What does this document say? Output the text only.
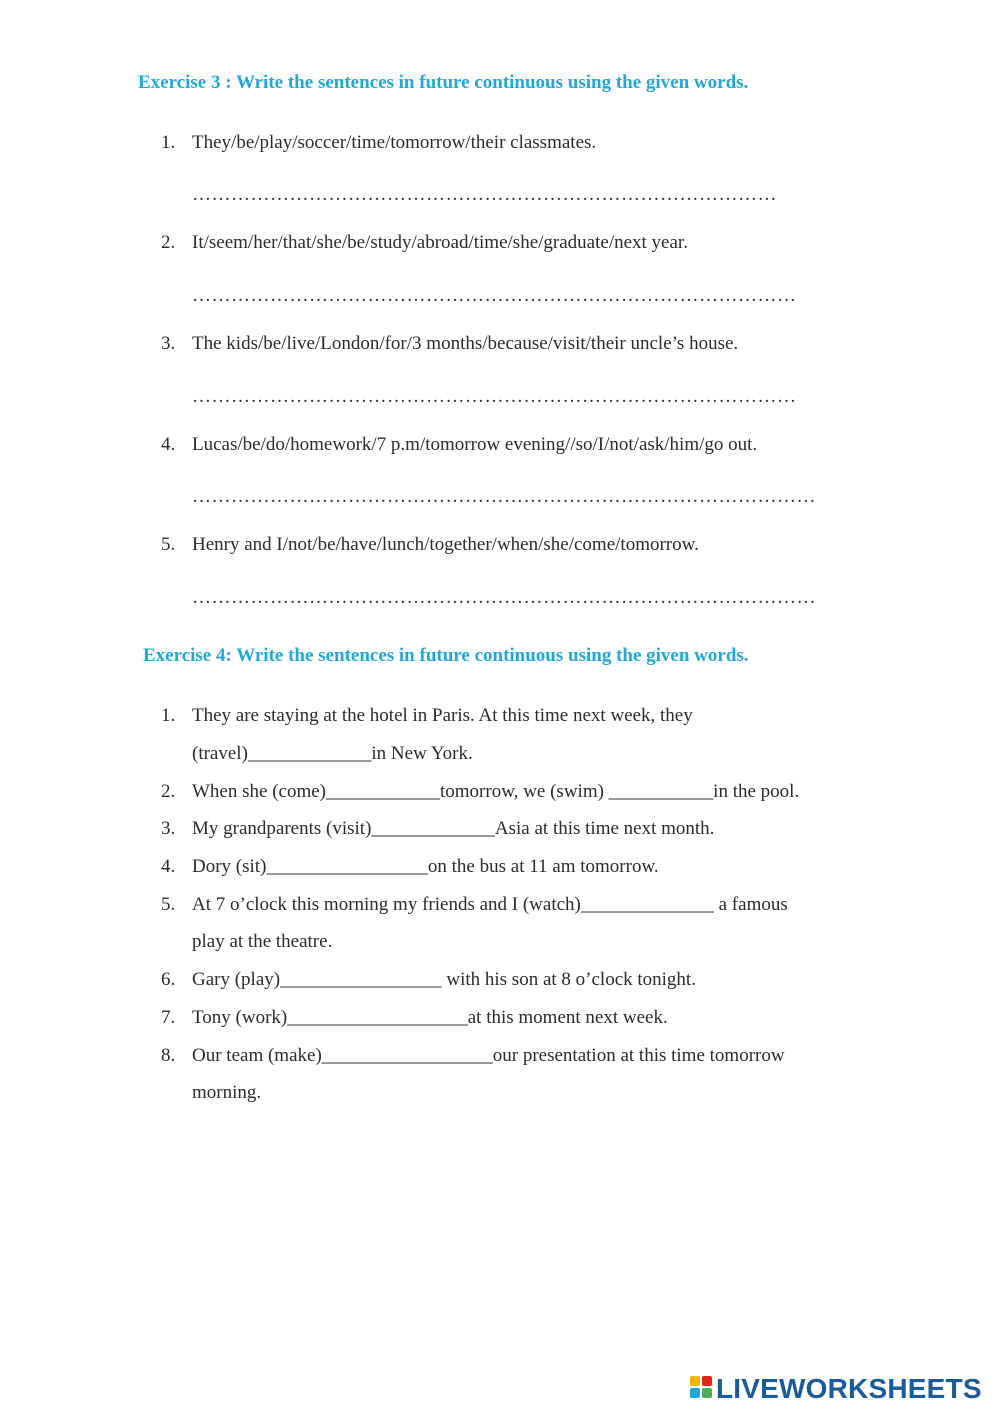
Exercise 3 : Write the sentences in future continuous using the given words.
1. They/be/play/soccer/time/tomorrow/their classmates.
………………………………………………………………………………
2. It/seem/her/that/she/be/study/abroad/time/she/graduate/next year.
…………………………………………………………………………………
3. The kids/be/live/London/for/3 months/because/visit/their uncle’s house.
…………………………………………………………………………………
4. Lucas/be/do/homework/7 p.m/tomorrow evening//so/I/not/ask/him/go out.
……………………………………………………………………………………
5. Henry and I/not/be/have/lunch/together/when/she/come/tomorrow.
……………………………………………………………………………………
Exercise 4: Write the sentences in future continuous using the given words.
1. They are staying at the hotel in Paris. At this time next week, they
(travel)_____________in New York.
2. When she (come)____________tomorrow, we (swim) ___________in the pool.
3. My grandparents (visit)_____________Asia at this time next month.
4. Dory (sit)_________________on the bus at 11 am tomorrow.
5. At 7 o’clock this morning my friends and I (watch)______________ a famous
play at the theatre.
6. Gary (play)_________________ with his son at 8 o’clock tonight.
7. Tony (work)___________________at this moment next week.
8. Our team (make)__________________our presentation at this time tomorrow
morning.
LIVEWORKSHEETS
